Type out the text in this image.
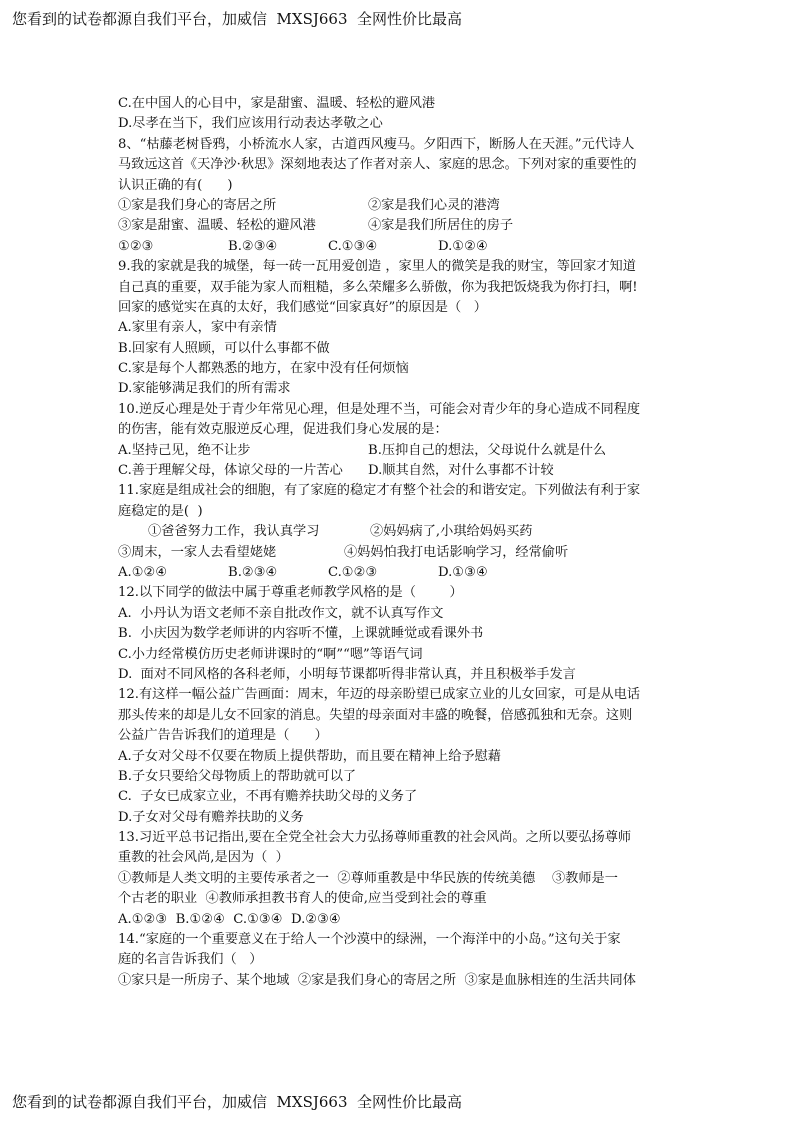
您看到的试卷都源自我们平台，加威信  MXSJ663  全网性价比最高
C.在中国人的心目中，家是甜蜜、温暖、轻松的避风港
D.尽孝在当下，我们应该用行动表达孝敬之心
8、“枯藤老树昏鸦，小桥流水人家，古道西风瘦马。夕阳西下，断肠人在天涯。”元代诗人
马致远这首《天净沙·秋思》深刻地表达了作者对亲人、家庭的思念。下列对家的重要性的
认识正确的有(      )
①家是我们身心的寄居之所	②家是我们心灵的港湾
③家是甜蜜、温暖、轻松的避风港	④家是我们所居住的房子
①②③	B.②③④	C.①③④	D.①②④
9.我的家就是我的城堡，每一砖一瓦用爱创造 ，家里人的微笑是我的财宝，等回家才知道
自己真的重要，双手能为家人而粗糙，多么荣耀多么骄傲，你为我把饭烧我为你打扫，啊!
回家的感觉实在真的太好，我们感觉“回家真好”的原因是（   ）
A.家里有亲人，家中有亲情
B.回家有人照顾，可以什么事都不做
C.家是每个人都熟悉的地方，在家中没有任何烦恼
D.家能够满足我们的所有需求
10.逆反心理是处于青少年常见心理，但是处理不当，可能会对青少年的身心造成不同程度
的伤害，能有效克服逆反心理，促进我们身心发展的是：
A.坚持己见，绝不让步	B.压抑自己的想法，父母说什么就是什么
C.善于理解父母，体谅父母的一片苦心	D.顺其自然，对什么事都不计较
11.家庭是组成社会的细胞，有了家庭的稳定才有整个社会的和谐安定。下列做法有利于家
庭稳定的是(  )
①爸爸努力工作，我认真学习	②妈妈病了,小琪给妈妈买药
③周末，一家人去看望姥姥	④妈妈怕我打电话影响学习，经常偷听
A.①②④	B.②③④	C.①②③	D.①③④
12.以下同学的做法中属于尊重老师教学风格的是（        ）
A.  小丹认为语文老师不亲自批改作文，就不认真写作文
B.  小庆因为数学老师讲的内容听不懂，上课就睡觉或看课外书
C.小力经常模仿历史老师讲课时的“啊”“嗯”等语气词
D.  面对不同风格的各科老师，小明每节课都听得非常认真，并且积极举手发言
12.有这样一幅公益广告画面：周末，年迈的母亲盼望已成家立业的儿女回家，可是从电话
那头传来的却是儿女不回家的消息。失望的母亲面对丰盛的晚餐，倍感孤独和无奈。这则
公益广告告诉我们的道理是（      ）
A.子女对父母不仅要在物质上提供帮助，而且要在精神上给予慰藉
B.子女只要给父母物质上的帮助就可以了
C.  子女已成家立业，不再有赡养扶助父母的义务了
D.子女对父母有赡养扶助的义务
13.习近平总书记指出,要在全党全社会大力弘扬尊师重教的社会风尚。之所以要弘扬尊师
重教的社会风尚,是因为（  ）
①教师是人类文明的主要传承者之一  ②尊师重教是中华民族的传统美德    ③教师是一
个古老的职业  ④教师承担教书育人的使命,应当受到社会的尊重
A.①②③  B.①②④  C.①③④  D.②③④
14.“家庭的一个重要意义在于给人一个沙漠中的绿洲，一个海洋中的小岛。”这句关于家
庭的名言告诉我们（   ）
①家只是一所房子、某个地域  ②家是我们身心的寄居之所  ③家是血脉相连的生活共同体
您看到的试卷都源自我们平台，加威信  MXSJ663  全网性价比最高
